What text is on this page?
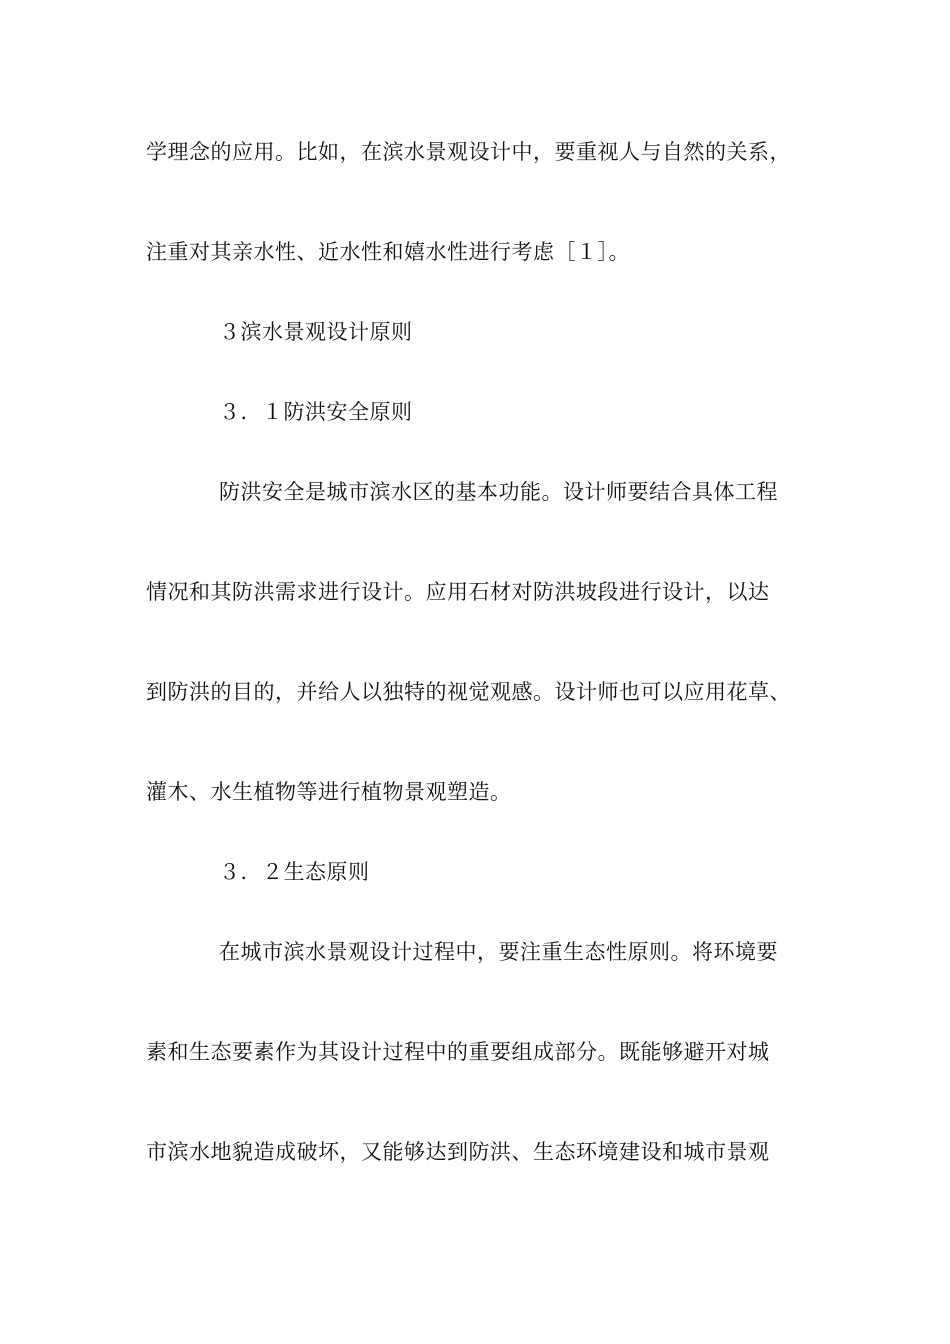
学理念的应用。比如，在滨水景观设计中，要重视人与自然的关系，
注重对其亲水性、近水性和嬉水性进行考虑［１］。
３滨水景观设计原则
３．１防洪安全原则
防洪安全是城市滨水区的基本功能。设计师要结合具体工程
情况和其防洪需求进行设计。应用石材对防洪坡段进行设计，以达
到防洪的目的，并给人以独特的视觉观感。设计师也可以应用花草、
灌木、水生植物等进行植物景观塑造。
３．２生态原则
在城市滨水景观设计过程中，要注重生态性原则。将环境要
素和生态要素作为其设计过程中的重要组成部分。既能够避开对城
市滨水地貌造成破坏，又能够达到防洪、生态环境建设和城市景观
